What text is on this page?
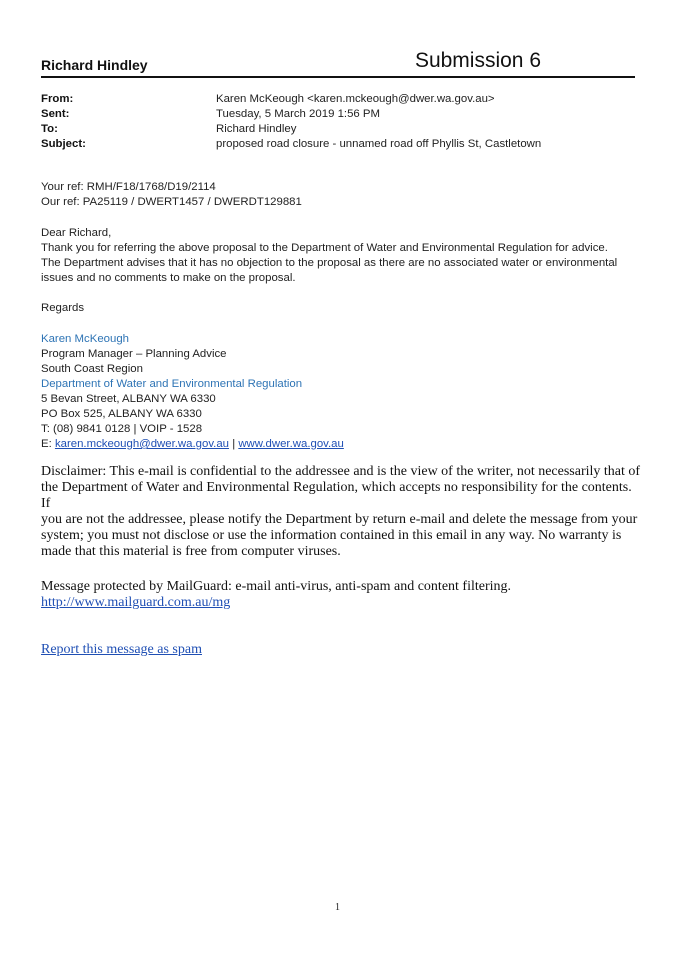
Richard Hindley	Submission 6
From:	Karen McKeough <karen.mckeough@dwer.wa.gov.au>
Sent:	Tuesday, 5 March 2019 1:56 PM
To:	Richard Hindley
Subject:	proposed road closure - unnamed road off Phyllis St, Castletown
Your ref: RMH/F18/1768/D19/2114
Our ref: PA25119 / DWERT1457 / DWERDT129881
Dear Richard,
Thank you for referring the above proposal to the Department of Water and Environmental Regulation for advice.
The Department advises that it has no objection to the proposal as there are no associated water or environmental
issues and no comments to make on the proposal.
Regards
Karen McKeough
Program Manager – Planning Advice
South Coast Region
Department of Water and Environmental Regulation
5 Bevan Street, ALBANY WA 6330
PO Box 525, ALBANY WA 6330
T: (08) 9841 0128 | VOIP - 1528
E: karen.mckeough@dwer.wa.gov.au | www.dwer.wa.gov.au
Disclaimer: This e-mail is confidential to the addressee and is the view of the writer, not necessarily that of
the Department of Water and Environmental Regulation, which accepts no responsibility for the contents. If
you are not the addressee, please notify the Department by return e-mail and delete the message from your
system; you must not disclose or use the information contained in this email in any way. No warranty is
made that this material is free from computer viruses.
Message protected by MailGuard: e-mail anti-virus, anti-spam and content filtering.
http://www.mailguard.com.au/mg
Report this message as spam
1
